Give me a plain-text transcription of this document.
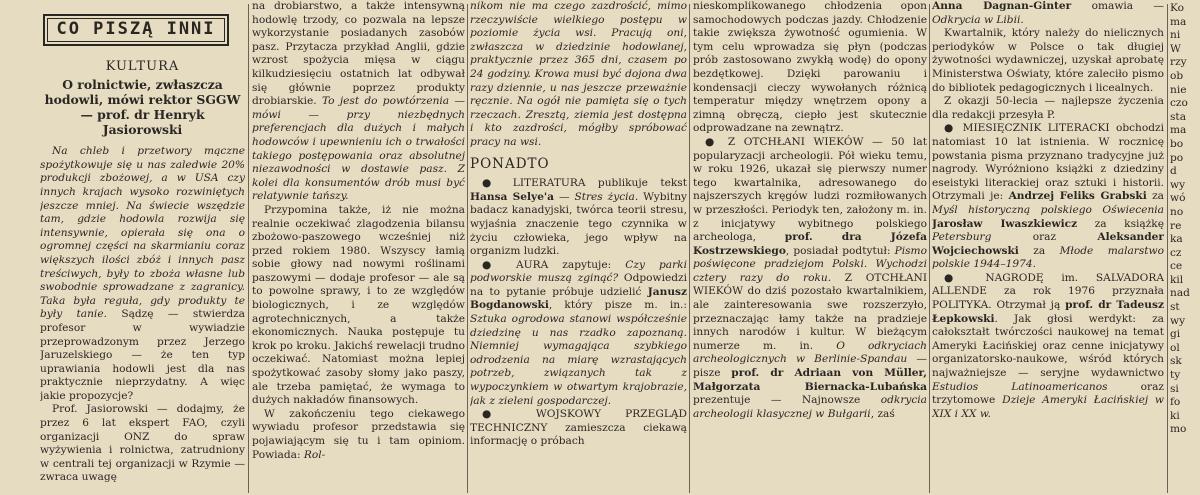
CO PISZĄ INNI
KULTURA
O rolnictwie, zwłaszcza hodowli, mówi rektor SGGW — prof. dr Henryk Jasiorowski

Na chleb i przetwory mączne spożytkowuje się u nas zaledwie 20% produkcji zbożowej, a w USA czy innych krajach wysoko rozwiniętych jeszcze mniej. Na świecie wszędzie tam, gdzie hodowla rozwija się intensywnie, opierała się ona o ogromnej części na skarmianiu coraz większych ilości zbóż i innych pasz treściwych, były to zboża własne lub swobodnie sprowadzane z zagranicy. Taka była reguła, gdy produkty te były tanie. Sądzę — stwierdza profesor w wywiadzie przeprowadzonym przez Jerzego Jaruzelskiego — że ten typ uprawiania hodowli jest dla nas praktycznie nieprzydatny. A więc jakie propozycje?

Prof. Jasiorowski — dodajmy, że przez 6 lat ekspert FAO, czyli organizacji ONZ do spraw wyżywienia i rolnictwa, zatrudniony w centrali tej organizacji w Rzymie — zwraca uwagę

na drobiarstwo, a także intensywną hodowlę trzody, co pozwala na lepsze wykorzystanie posiadanych zasobów pasz. Przytacza przykład Anglii, gdzie wzrost spożycia mięsa w ciągu kilkudziesięciu ostatnich lat odbywał się głównie poprzez produkty drobiarskie. To jest do powtórzenia — mówi — przy niezbędnych preferencjach dla dużych i małych hodowców i upewnieniu ich o trwałości takiego postępowania oraz absolutnej niezawodności w dostawie pasz. Z kolei dla konsumentów drób musi być relatywnie tańszy.

Przypomina także, iż nie można realnie oczekiwać zlagodzenia bilansu zbożowo-paszowego wcześniej niż przed rokiem 1980. Wszyscy łamią sobie głowy nad nowymi roślinami paszowymi — dodaje profesor — ale są to powolne sprawy, i to ze względów biologicznych, i ze względów agrotechnicznych, a także ekonomicznych. Nauka postępuje tu krok po kroku. Jakichś rewelacji trudno oczekiwać. Natomiast można lepiej spożytkować zasoby słomy jako paszy, ale trzeba pamiętać, że wymaga to dużych nakładów finansowych.

W zakończeniu tego ciekawego wywiadu profesor przedstawia się pojawiającym się tu i tam opiniom. Powiada: Rol-

nikom nie ma czego zazdrościć, mimo rzeczywiście wielkiego postępu w poziomie życia wsi. Pracują oni, zwłaszcza w dziedzinie hodowlanej, praktycznie przez 365 dni, czasem po 24 godziny. Krowa musi być dojona dwa razy dziennie, u nas jeszcze przeważnie ręcznie. Na ogół nie pamięta się o tych rzeczach. Zresztą, ziemia jest dostępna i kto zazdrości, mógłby spróbować pracy na wsi.

PONADTO

● LITERATURA publikuje tekst Hansa Selye'a — Stres życia. Wybitny badacz kanadyjski, twórca teorii stresu, wyjaśnia znaczenie tego czynnika w życiu człowieka, jego wpływ na organizm ludzki.

● AURA zapytuje: Czy parki podworskie muszą zginąć? Odpowiedzi na to pytanie próbuje udzielić Janusz Bogdanowski, który pisze m. in.: Sztuka ogrodowa stanowi współcześnie dziedzinę u nas rzadko zapoznaną. Niemniej wymagająca szybkiego odrodzenia na miarę wzrastających potrzeb, związanych tak z wypoczynkiem w otwartym krajobrazie, jak z zieleni gospodarczej.

● WOJSKOWY PRZEGLĄD TECHNICZNY zamieszcza ciekawą informację o próbach

nieskomplikowanego chłodzenia opon samochodowych podczas jazdy. Chłodzenie takie zwiększa żywotność ogumienia. W tym celu wprowadza się płyn (podczas prób zastosowano zwykłą wodę) do opony bezdętkowej. Dzięki parowaniu i kondensacji cieczy wywołanych różnicą temperatur między wnętrzem opony a zimną obręczą, ciepło jest skutecznie odprowadzane na zewnątrz.

● Z OTCHŁANI WIEKÓW — 50 lat popularyzacji archeologii. Pół wieku temu, w roku 1926, ukazał się pierwszy numer tego kwartalnika, adresowanego do najszerszych kręgów ludzi rozmiłowanych w przeszłości. Periodyk ten, założony m. in. z inicjatywy wybitnego polskiego archeologa,	prof. dra Józefa Kostrzewskiego, posiadał podtytuł: Pismo poświęcone pradziejom Polski. Wychodzi cztery razy do roku. Z OTCHŁANI WIEKÓW do dziś pozostało kwartalnikiem, ale zainteresowania swe rozszerzyło, przeznaczając łamy także na pradzieje innych narodów i kultur. W bieżącym numerze m. in. O odkryciach archeologicznych w Berlinie-Spandau — pisze prof. dr Adriaan von Müller, Małgorzata Biernacka-Lubańska prezentuje — Najnowsze odkrycia archeologii klasycznej w Bułgarii, zaś

Anna Dagnan-Ginter omawia — Odkrycia w Libii.

Kwartalnik, który należy do nielicznych periodyków w Polsce o tak długiej żywotności wydawniczej, uzyskał aprobatę Ministerstwa Oświaty, które zaleciło pismo do bibliotek pedagogicznych i licealnych.

Z okazji 50-lecia — najlepsze życzenia dla redakcji przesyła P.

● MIESIĘCZNIK LITERACKI obchodzi natomiast 10 lat istnienia. W rocznicę powstania pisma przyznano tradycyjne już nagrody. Wyróżniono książki z dziedziny eseistyki literackiej oraz sztuki i historii. Otrzymali je: Andrzej Feliks Grabski za Myśl historyczną polskiego Oświecenia Jarosław Iwaszkiewicz za książkę Petersburg	oraz	Aleksander Wojciechowski za Młode malarstwo polskie 1944–1974.

● NAGRODĘ im. SALVADORA ALLENDE za rok 1976 przyznała POLITYKA. Otrzymał ją prof. dr Tadeusz Łepkowski. Jak głosi werdykt: za całokształt twórczości naukowej na temat Ameryki Łacińskiej oraz cenne inicjatywy organizatorsko-naukowe, wśród których najważniejsze — seryjne wydawnictwo Estudios Latinoamericanos	oraz trzytomowe Dzieje Ameryki Łacińskiej w XIX i XX w.

Ko
ma
ni
W
rzy
ob
nie
czo
sta
ma
bo
po
d
wy
wó
no
re
ka
cz
ce
kil
nad
st
wy
gi
ol
sk
ty
si
fo
ki
mo
